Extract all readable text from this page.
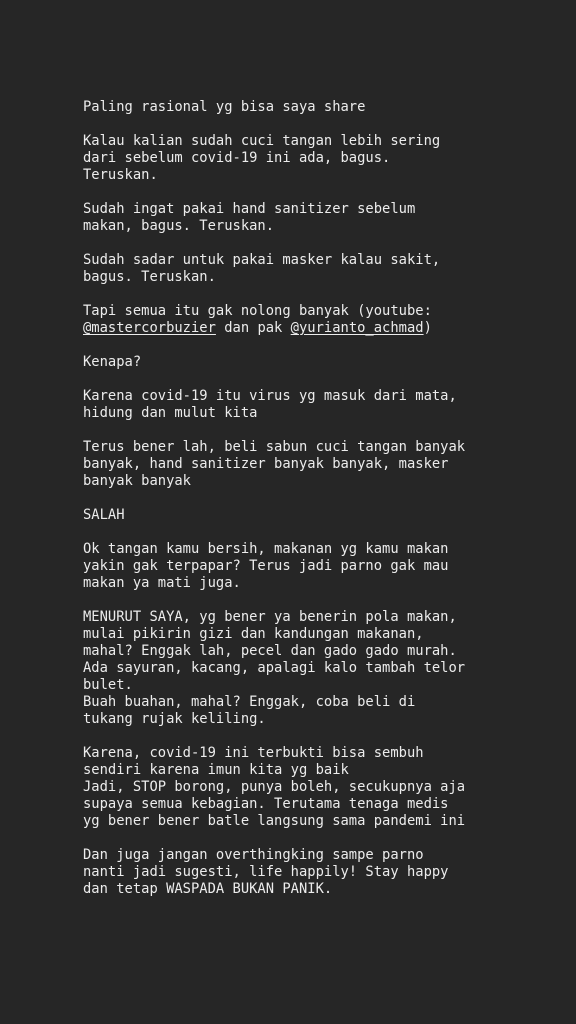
Paling rasional yg bisa saya share
Kalau kalian sudah cuci tangan lebih sering
dari sebelum covid-19 ini ada, bagus.
Teruskan.
Sudah ingat pakai hand sanitizer sebelum
makan, bagus. Teruskan.
Sudah sadar untuk pakai masker kalau sakit,
bagus. Teruskan.
Tapi semua itu gak nolong banyak (youtube:
@mastercorbuzier dan pak @yurianto_achmad)
Kenapa?
Karena covid-19 itu virus yg masuk dari mata,
hidung dan mulut kita
Terus bener lah, beli sabun cuci tangan banyak
banyak, hand sanitizer banyak banyak, masker
banyak banyak
SALAH
Ok tangan kamu bersih, makanan yg kamu makan
yakin gak terpapar? Terus jadi parno gak mau
makan ya mati juga.
MENURUT SAYA, yg bener ya benerin pola makan,
mulai pikirin gizi dan kandungan makanan,
mahal? Enggak lah, pecel dan gado gado murah.
Ada sayuran, kacang, apalagi kalo tambah telor
bulet.
Buah buahan, mahal? Enggak, coba beli di
tukang rujak keliling.
Karena, covid-19 ini terbukti bisa sembuh
sendiri karena imun kita yg baik
Jadi, STOP borong, punya boleh, secukupnya aja
supaya semua kebagian. Terutama tenaga medis
yg bener bener batle langsung sama pandemi ini
Dan juga jangan overthingking sampe parno
nanti jadi sugesti, life happily! Stay happy
dan tetap WASPADA BUKAN PANIK.
